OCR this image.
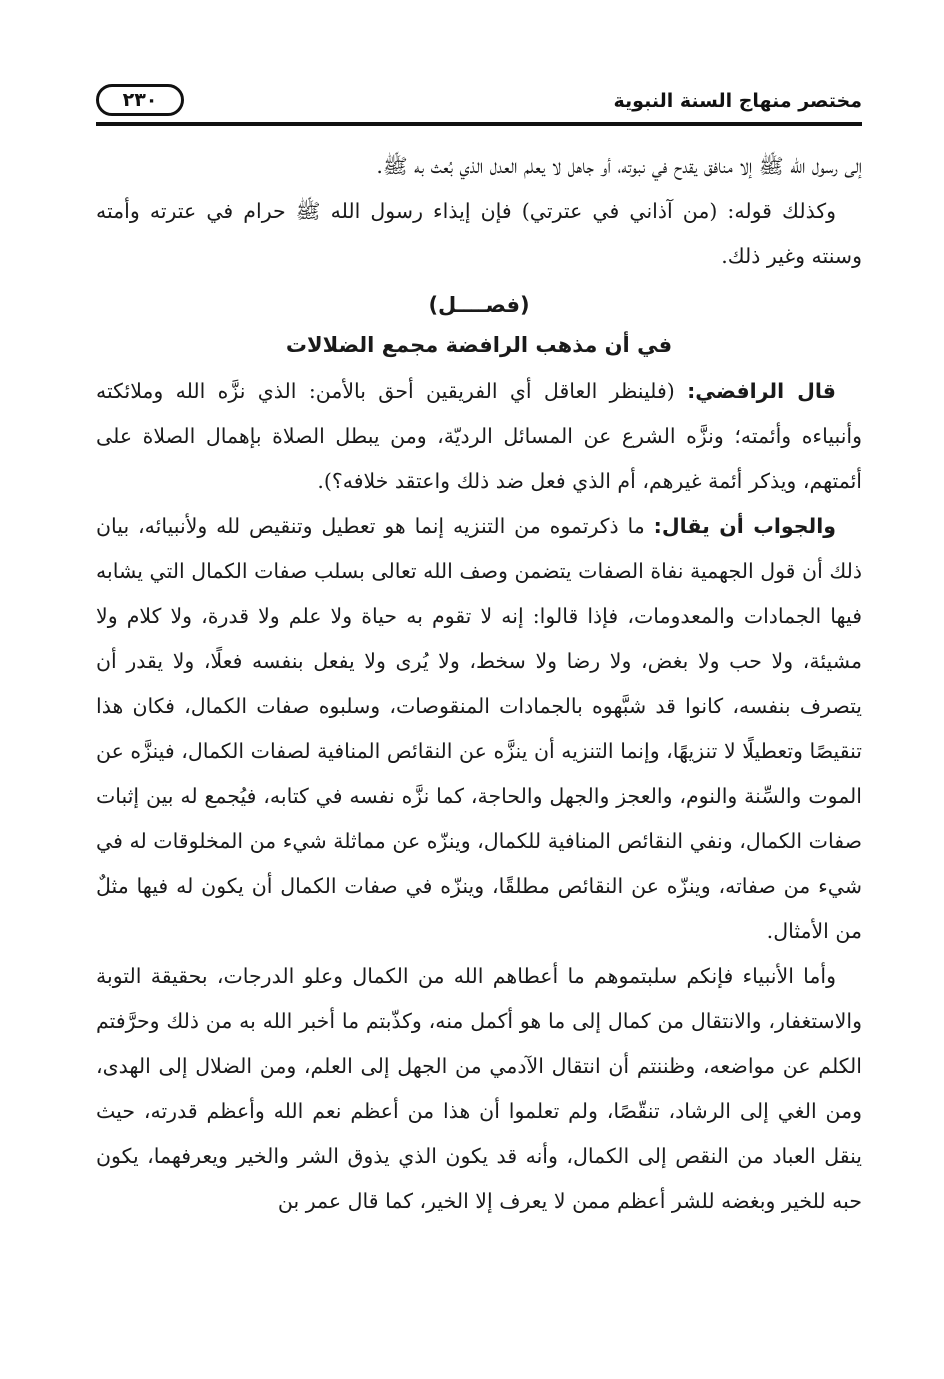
مختصر منهاج السنة النبوية
٢٣٠

إلى رسول الله ﷺ إلا منافق يقدح في نبوته، أو جاهل لا يعلم العدل الذي بُعث به ﷺ.

وكذلك قوله: (من آذاني في عترتي) فإن إيذاء رسول الله ﷺ حرام في عترته وأمته وسنته وغير ذلك.

(فصــــل)
في أن مذهب الرافضة مجمع الضلالات

قال الرافضي: (فلينظر العاقل أي الفريقين أحق بالأمن: الذي نزَّه الله وملائكته وأنبياءه وأئمته؛ ونزَّه الشرع عن المسائل الرديّة، ومن يبطل الصلاة بإهمال الصلاة على أئمتهم، ويذكر أئمة غيرهم، أم الذي فعل ضد ذلك واعتقد خلافه؟).

والجواب أن يقال: ما ذكرتموه من التنزيه إنما هو تعطيل وتنقيص لله ولأنبيائه، بيان ذلك أن قول الجهمية نفاة الصفات يتضمن وصف الله تعالى بسلب صفات الكمال التي يشابه فيها الجمادات والمعدومات، فإذا قالوا: إنه لا تقوم به حياة ولا علم ولا قدرة، ولا كلام ولا مشيئة، ولا حب ولا بغض، ولا رضا ولا سخط، ولا يُرى ولا يفعل بنفسه فعلًا، ولا يقدر أن يتصرف بنفسه، كانوا قد شبَّهوه بالجمادات المنقوصات، وسلبوه صفات الكمال، فكان هذا تنقيصًا وتعطيلًا لا تنزيهًا، وإنما التنزيه أن ينزَّه عن النقائص المنافية لصفات الكمال، فينزَّه عن الموت والسِّنة والنوم، والعجز والجهل والحاجة، كما نزَّه نفسه في كتابه، فيُجمع له بين إثبات صفات الكمال، ونفي النقائص المنافية للكمال، وينزّه عن مماثلة شيء من المخلوقات له في شيء من صفاته، وينزّه عن النقائص مطلقًا، وينزّه في صفات الكمال أن يكون له فيها مثلٌ من الأمثال.

وأما الأنبياء فإنكم سلبتموهم ما أعطاهم الله من الكمال وعلو الدرجات، بحقيقة التوبة والاستغفار، والانتقال من كمال إلى ما هو أكمل منه، وكذّبتم ما أخبر الله به من ذلك وحرَّفتم الكلم عن مواضعه، وظننتم أن انتقال الآدمي من الجهل إلى العلم، ومن الضلال إلى الهدى، ومن الغي إلى الرشاد، تنقّصًا، ولم تعلموا أن هذا من أعظم نعم الله وأعظم قدرته، حيث ينقل العباد من النقص إلى الكمال، وأنه قد يكون الذي يذوق الشر والخير ويعرفهما، يكون حبه للخير وبغضه للشر أعظم ممن لا يعرف إلا الخير، كما قال عمر بن
